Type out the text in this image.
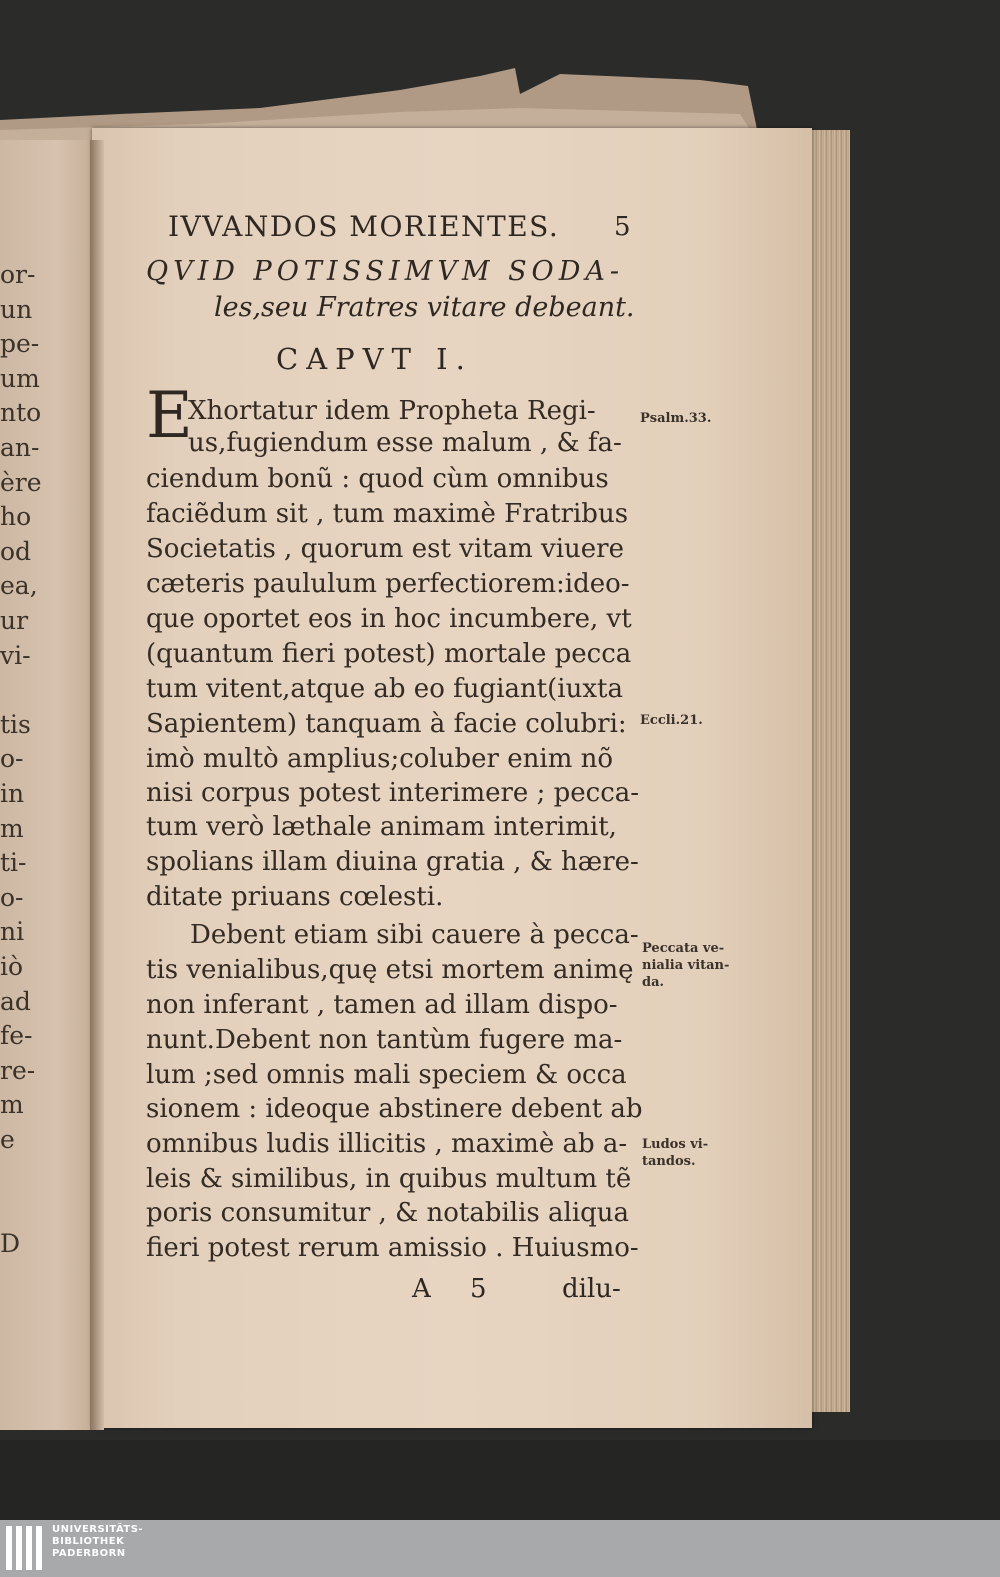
or-
un
pe-
um
nto
an-
ère
ho
od
ea,
ur
vi-
tis
o-
in
m
ti-
o-
ni
iò
ad
fe-
re-
m
e
D
IVVANDOS MORIENTES. 5
QVID POTISSIMVM SODA-
les,seu Fratres vitare debeant.
CAPVT I.
E
Xhortatur idem Propheta Regi-
us,fugiendum esse malum , & fa-
ciendum bonũ : quod cùm omnibus
faciẽdum sit , tum maximè Fratribus
Societatis , quorum est vitam viuere
cæteris paululum perfectiorem:ideo-
que oportet eos in hoc incumbere, vt
(quantum fieri potest) mortale pecca
tum vitent,atque ab eo fugiant(iuxta
Sapientem) tanquam à facie colubri:
imò multò amplius;coluber enim nõ
nisi corpus potest interimere ; pecca-
tum verò læthale animam interimit,
spolians illam diuina gratia , & hære-
ditate priuans cœlesti.
Debent etiam sibi cauere à pecca-
tis venialibus,quę etsi mortem animę
non inferant , tamen ad illam dispo-
nunt.Debent non tantùm fugere ma-
lum ;sed omnis mali speciem & occa
sionem : ideoque abstinere debent ab
omnibus ludis illicitis , maximè ab a-
leis & similibus, in quibus multum tẽ
poris consumitur , & notabilis aliqua
fieri potest rerum amissio . Huiusmo-
Psalm.33.
Eccli.21.
Peccata ve-
nialia vitan-
da.
Ludos vi-
tandos.
A 5	dilu-
UNIVERSITÄTS-
BIBLIOTHEK
PADERBORN
